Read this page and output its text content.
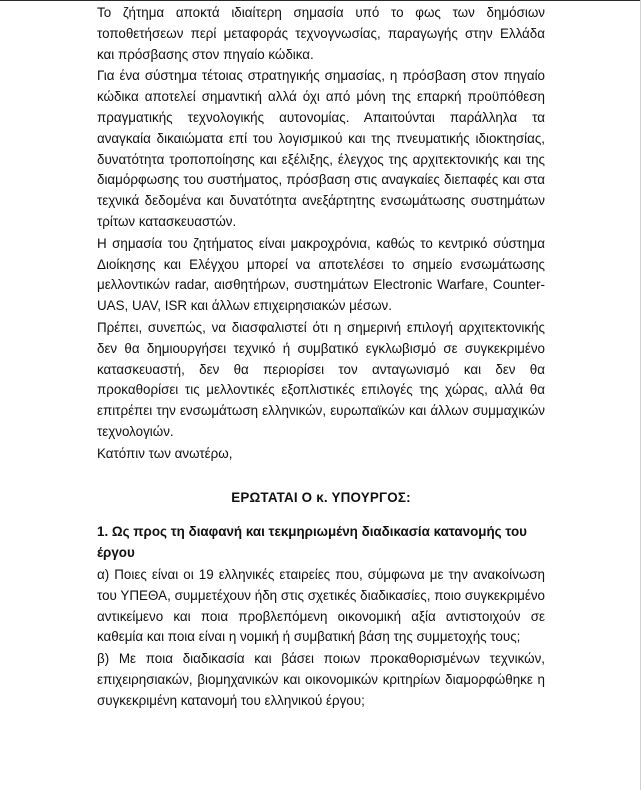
Το ζήτημα αποκτά ιδιαίτερη σημασία υπό το φως των δημόσιων τοποθετήσεων περί μεταφοράς τεχνογνωσίας, παραγωγής στην Ελλάδα και πρόσβασης στον πηγαίο κώδικα.

Για ένα σύστημα τέτοιας στρατηγικής σημασίας, η πρόσβαση στον πηγαίο κώδικα αποτελεί σημαντική αλλά όχι από μόνη της επαρκή προϋπόθεση πραγματικής τεχνολογικής αυτονομίας. Απαιτούνται παράλληλα τα αναγκαία δικαιώματα επί του λογισμικού και της πνευματικής ιδιοκτησίας, δυνατότητα τροποποίησης και εξέλιξης, έλεγχος της αρχιτεκτονικής και της διαμόρφωσης του συστήματος, πρόσβαση στις αναγκαίες διεπαφές και στα τεχνικά δεδομένα και δυνατότητα ανεξάρτητης ενσωμάτωσης συστημάτων τρίτων κατασκευαστών.

Η σημασία του ζητήματος είναι μακροχρόνια, καθώς το κεντρικό σύστημα Διοίκησης και Ελέγχου μπορεί να αποτελέσει το σημείο ενσωμάτωσης μελλοντικών radar, αισθητήρων, συστημάτων Electronic Warfare, Counter-UAS, UAV, ISR και άλλων επιχειρησιακών μέσων.

Πρέπει, συνεπώς, να διασφαλιστεί ότι η σημερινή επιλογή αρχιτεκτονικής δεν θα δημιουργήσει τεχνικό ή συμβατικό εγκλωβισμό σε συγκεκριμένο κατασκευαστή, δεν θα περιορίσει τον ανταγωνισμό και δεν θα προκαθορίσει τις μελλοντικές εξοπλιστικές επιλογές της χώρας, αλλά θα επιτρέπει την ενσωμάτωση ελληνικών, ευρωπαϊκών και άλλων συμμαχικών τεχνολογιών.

Κατόπιν των ανωτέρω,

ΕΡΩΤΑΤΑΙ Ο κ. ΥΠΟΥΡΓΟΣ:

1. Ως προς τη διαφανή και τεκμηριωμένη διαδικασία κατανομής του έργου

α) Ποιες είναι οι 19 ελληνικές εταιρείες που, σύμφωνα με την ανακοίνωση του ΥΠΕΘΑ, συμμετέχουν ήδη στις σχετικές διαδικασίες, ποιο συγκεκριμένο αντικείμενο και ποια προβλεπόμενη οικονομική αξία αντιστοιχούν σε καθεμία και ποια είναι η νομική ή συμβατική βάση της συμμετοχής τους;

β) Με ποια διαδικασία και βάσει ποιων προκαθορισμένων τεχνικών, επιχειρησιακών, βιομηχανικών και οικονομικών κριτηρίων διαμορφώθηκε η συγκεκριμένη κατανομή του ελληνικού έργου;
